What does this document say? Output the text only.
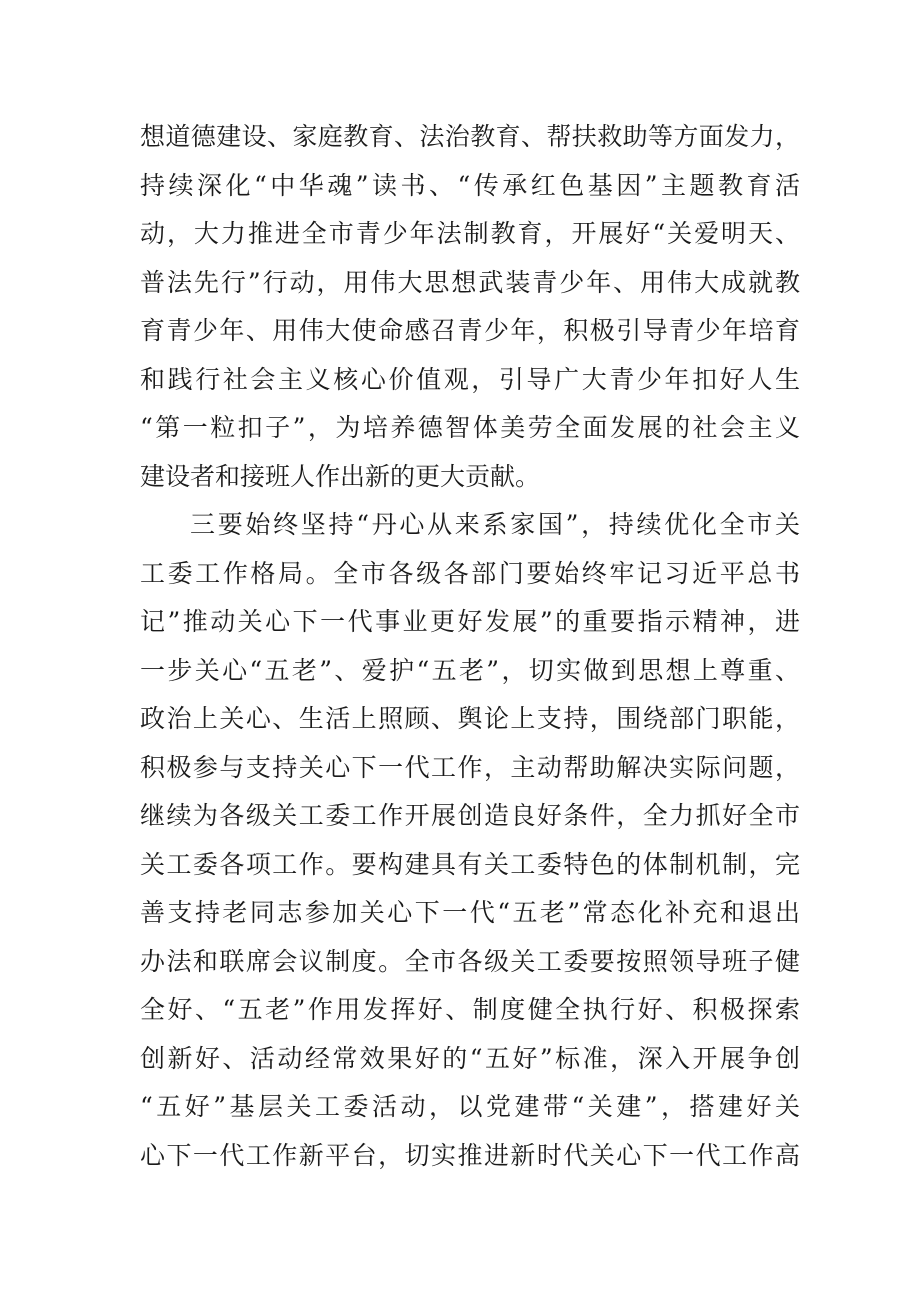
想道德建设、家庭教育、法治教育、帮扶救助等方面发力，
持续深化“中华魂”读书、“传承红色基因”主题教育活
动，大力推进全市青少年法制教育，开展好“关爱明天、
普法先行”行动，用伟大思想武装青少年、用伟大成就教
育青少年、用伟大使命感召青少年，积极引导青少年培育
和践行社会主义核心价值观，引导广大青少年扣好人生
“第一粒扣子”，为培养德智体美劳全面发展的社会主义
建设者和接班人作出新的更大贡献。
三要始终坚持“丹心从来系家国”，持续优化全市关
工委工作格局。全市各级各部门要始终牢记习近平总书
记”推动关心下一代事业更好发展”的重要指示精神，进
一步关心“五老”、爱护“五老”，切实做到思想上尊重、
政治上关心、生活上照顾、舆论上支持，围绕部门职能，
积极参与支持关心下一代工作，主动帮助解决实际问题，
继续为各级关工委工作开展创造良好条件，全力抓好全市
关工委各项工作。要构建具有关工委特色的体制机制，完
善支持老同志参加关心下一代“五老”常态化补充和退出
办法和联席会议制度。全市各级关工委要按照领导班子健
全好、“五老”作用发挥好、制度健全执行好、积极探索
创新好、活动经常效果好的“五好”标准，深入开展争创
“五好”基层关工委活动，以党建带“关建”，搭建好关
心下一代工作新平台，切实推进新时代关心下一代工作高
